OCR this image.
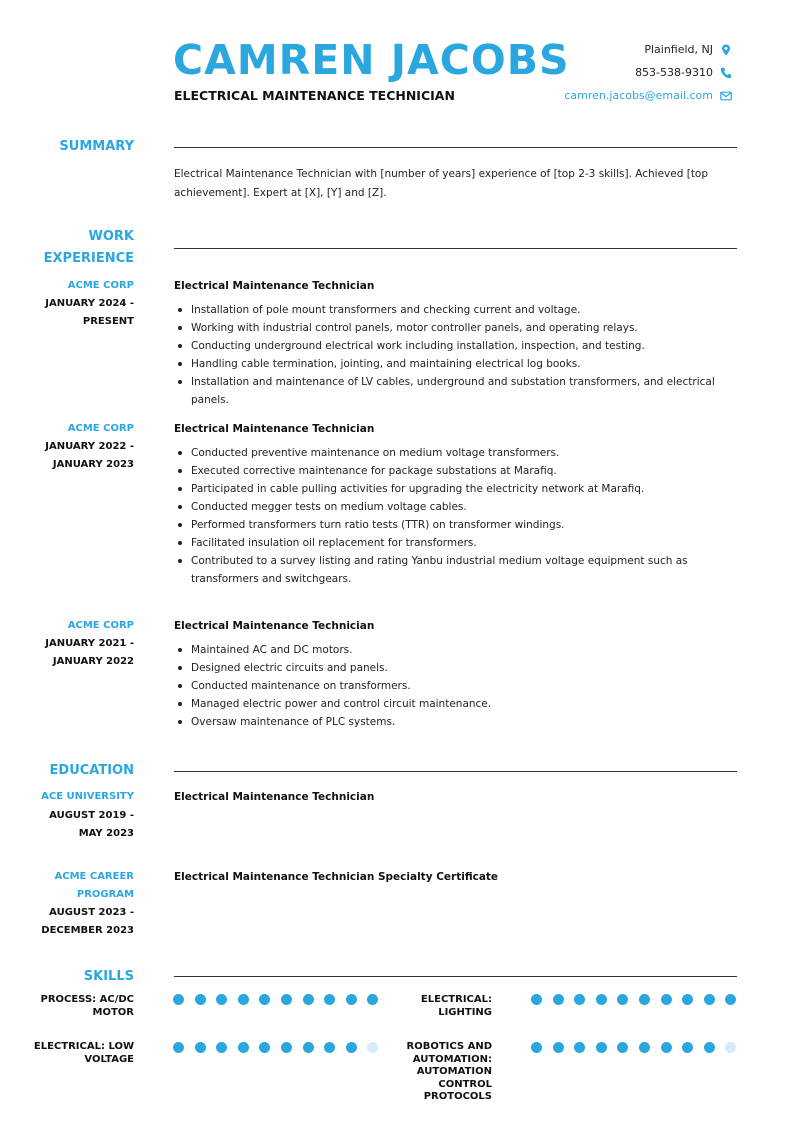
CAMREN JACOBS
ELECTRICAL MAINTENANCE TECHNICIAN
Plainfield, NJ
853-538-9310
camren.jacobs@email.com
SUMMARY
Electrical Maintenance Technician with [number of years] experience of [top 2-3 skills]. Achieved [top achievement]. Expert at [X], [Y] and [Z].
WORK
EXPERIENCE
ACME CORP
JANUARY 2024 -
PRESENT
Electrical Maintenance Technician
Installation of pole mount transformers and checking current and voltage.
Working with industrial control panels, motor controller panels, and operating relays.
Conducting underground electrical work including installation, inspection, and testing.
Handling cable termination, jointing, and maintaining electrical log books.
Installation and maintenance of LV cables, underground and substation transformers, and electrical panels.
ACME CORP
JANUARY 2022 -
JANUARY 2023
Electrical Maintenance Technician
Conducted preventive maintenance on medium voltage transformers.
Executed corrective maintenance for package substations at Marafiq.
Participated in cable pulling activities for upgrading the electricity network at Marafiq.
Conducted megger tests on medium voltage cables.
Performed transformers turn ratio tests (TTR) on transformer windings.
Facilitated insulation oil replacement for transformers.
Contributed to a survey listing and rating Yanbu industrial medium voltage equipment such as transformers and switchgears.
ACME CORP
JANUARY 2021 -
JANUARY 2022
Electrical Maintenance Technician
Maintained AC and DC motors.
Designed electric circuits and panels.
Conducted maintenance on transformers.
Managed electric power and control circuit maintenance.
Oversaw maintenance of PLC systems.
EDUCATION
ACE UNIVERSITY
AUGUST 2019 -
MAY 2023
Electrical Maintenance Technician
ACME CAREER
PROGRAM
AUGUST 2023 -
DECEMBER 2023
Electrical Maintenance Technician Specialty Certificate
SKILLS
PROCESS: AC/DC
MOTOR
ELECTRICAL:
LIGHTING
ELECTRICAL: LOW
VOLTAGE
ROBOTICS AND
AUTOMATION:
AUTOMATION
CONTROL
PROTOCOLS
